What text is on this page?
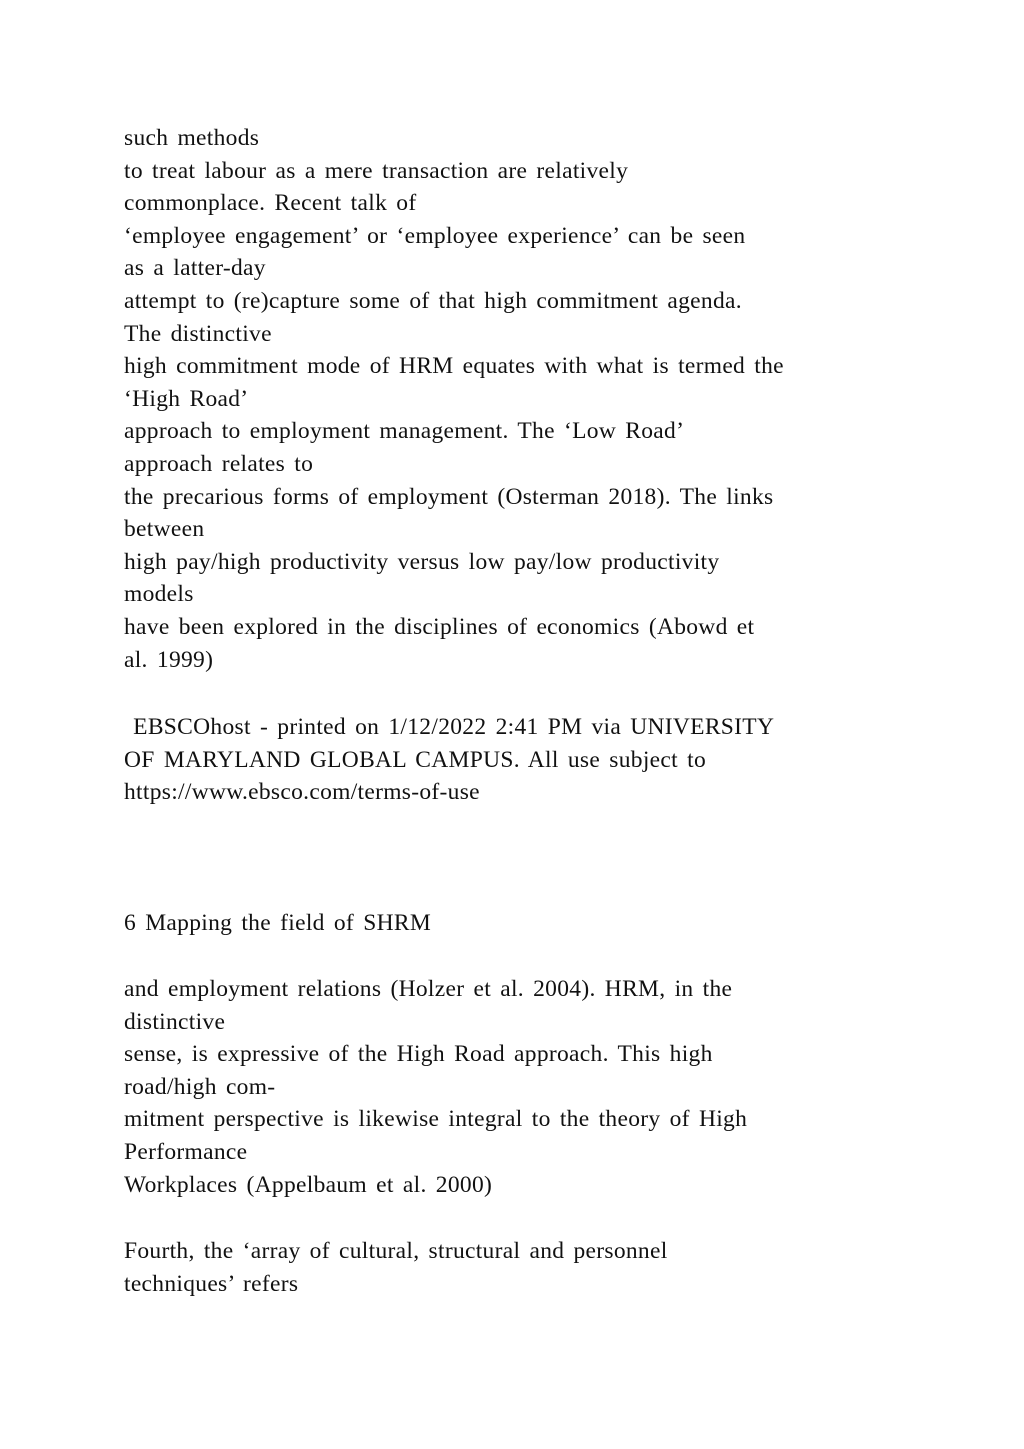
such methods
to treat labour as a mere transaction are relatively
commonplace. Recent talk of
‘employee engagement’ or ‘employee experience’ can be seen
as a latter-day
attempt to (re)capture some of that high commitment agenda.
The distinctive
high commitment mode of HRM equates with what is termed the
‘High Road’
approach to employment management. The ‘Low Road’
approach relates to
the precarious forms of employment (Osterman 2018). The links
between
high pay/high productivity versus low pay/low productivity
models
have been explored in the disciplines of economics (Abowd et
al. 1999)
EBSCOhost - printed on 1/12/2022 2:41 PM via UNIVERSITY
OF MARYLAND GLOBAL CAMPUS. All use subject to
https://www.ebsco.com/terms-of-use
6 Mapping the field of SHRM
and employment relations (Holzer et al. 2004). HRM, in the
distinctive
sense, is expressive of the High Road approach. This high
road/high com-
mitment perspective is likewise integral to the theory of High
Performance
Workplaces (Appelbaum et al. 2000)
Fourth, the ‘array of cultural, structural and personnel
techniques’ refers
